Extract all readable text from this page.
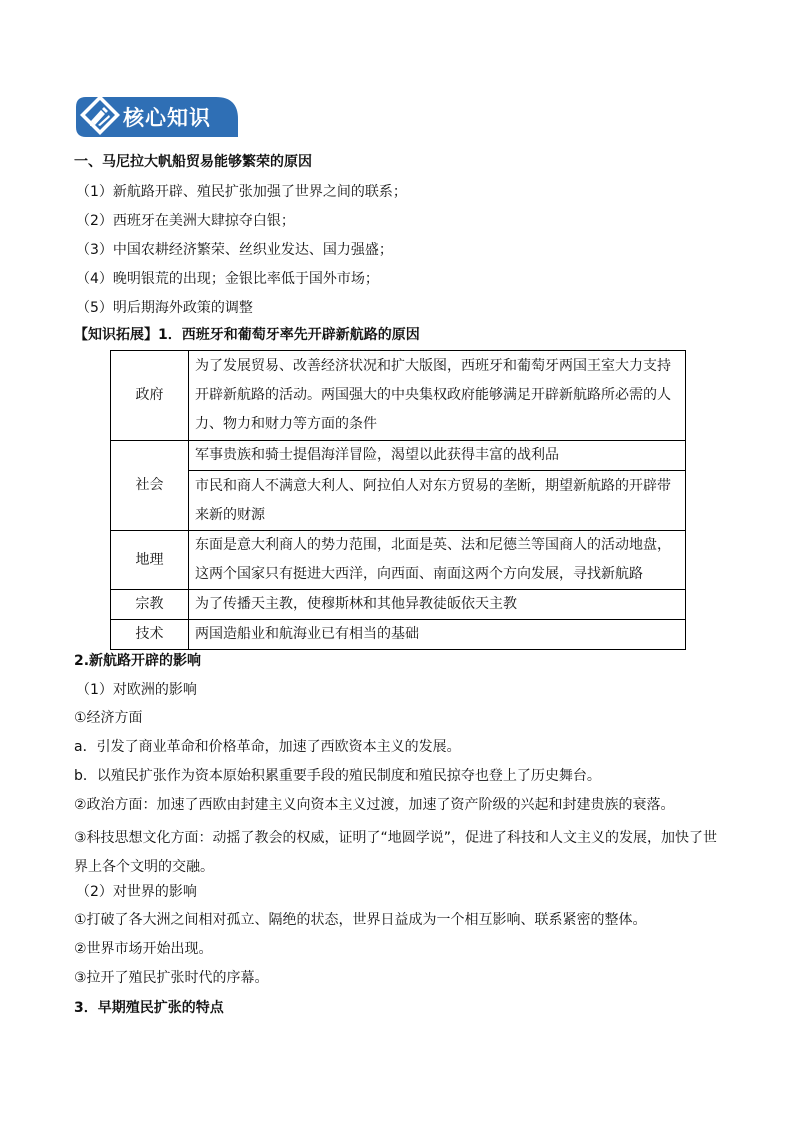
核心知识
一、马尼拉大帆船贸易能够繁荣的原因
（1）新航路开辟、殖民扩张加强了世界之间的联系；
（2）西班牙在美洲大肆掠夺白银；
（3）中国农耕经济繁荣、丝织业发达、国力强盛；
（4）晚明银荒的出现；金银比率低于国外市场；
（5）明后期海外政策的调整
【知识拓展】1．西班牙和葡萄牙率先开辟新航路的原因
政府	为了发展贸易、改善经济状况和扩大版图，西班牙和葡萄牙两国王室大力支持开辟新航路的活动。两国强大的中央集权政府能够满足开辟新航路所必需的人力、物力和财力等方面的条件
社会	军事贵族和骑士提倡海洋冒险，渴望以此获得丰富的战利品
	市民和商人不满意大利人、阿拉伯人对东方贸易的垄断，期望新航路的开辟带来新的财源
地理	东面是意大利商人的势力范围，北面是英、法和尼德兰等国商人的活动地盘，这两个国家只有挺进大西洋，向西面、南面这两个方向发展，寻找新航路
宗教	为了传播天主教，使穆斯林和其他异教徒皈依天主教
技术	两国造船业和航海业已有相当的基础
2.新航路开辟的影响
（1）对欧洲的影响
①经济方面
a．引发了商业革命和价格革命，加速了西欧资本主义的发展。
b．以殖民扩张作为资本原始积累重要手段的殖民制度和殖民掠夺也登上了历史舞台。
②政治方面：加速了西欧由封建主义向资本主义过渡，加速了资产阶级的兴起和封建贵族的衰落。
③科技思想文化方面：动摇了教会的权威，证明了“地圆学说”，促进了科技和人文主义的发展，加快了世界上各个文明的交融。
（2）对世界的影响
①打破了各大洲之间相对孤立、隔绝的状态，世界日益成为一个相互影响、联系紧密的整体。
②世界市场开始出现。
③拉开了殖民扩张时代的序幕。
3．早期殖民扩张的特点
